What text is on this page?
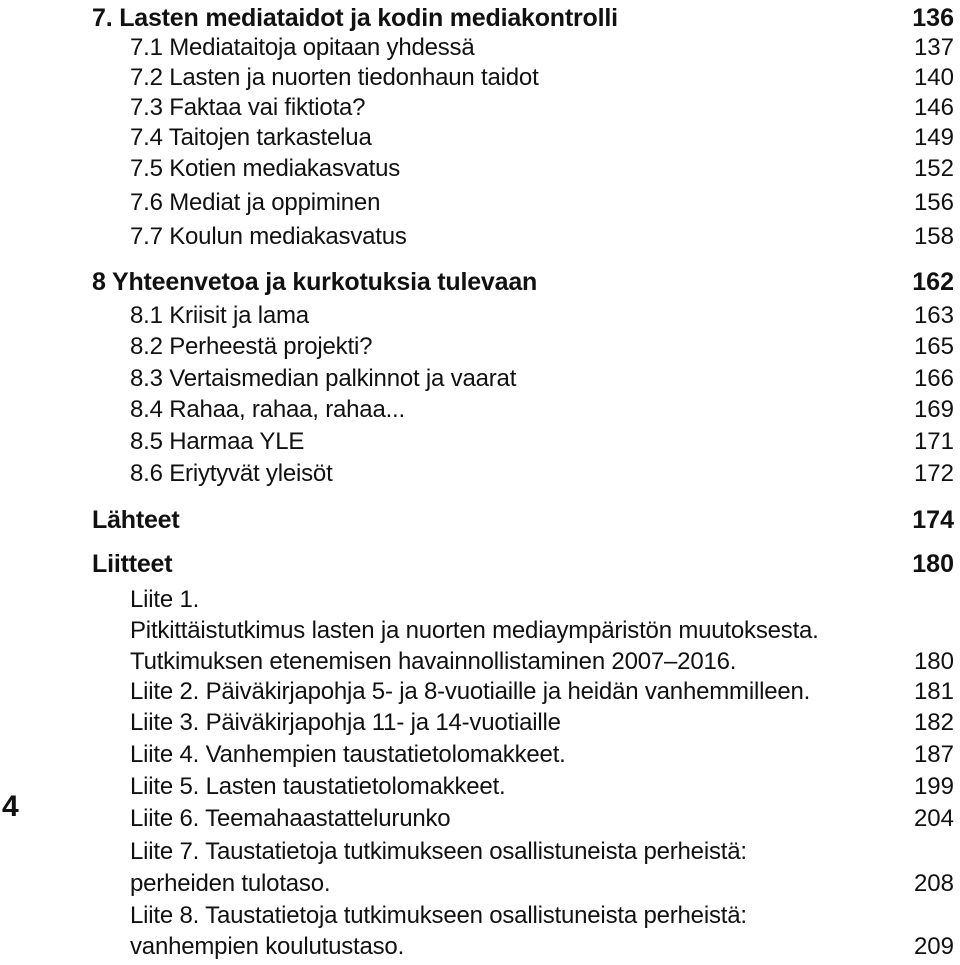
7. Lasten mediataidot ja kodin mediakontrolli	136
7.1 Mediataitoja opitaan yhdessä	137
7.2 Lasten ja nuorten tiedonhaun taidot	140
7.3 Faktaa vai fiktiota?	146
7.4 Taitojen tarkastelua	149
7.5 Kotien mediakasvatus	152
7.6 Mediat ja oppiminen	156
7.7 Koulun mediakasvatus	158
8 Yhteenvetoa ja kurkotuksia tulevaan	162
8.1 Kriisit ja lama	163
8.2 Perheestä projekti?	165
8.3 Vertaismedian palkinnot ja vaarat	166
8.4 Rahaa, rahaa, rahaa...	169
8.5 Harmaa YLE	171
8.6 Eriytyvät yleisöt	172
Lähteet	174
Liitteet	180
Liite 1.
Pitkittäistutkimus lasten ja nuorten mediaympäristön muutoksesta.
Tutkimuksen etenemisen havainnollistaminen 2007–2016.	180
Liite 2. Päiväkirjapohja 5- ja 8-vuotiaille ja heidän vanhemmilleen.	181
Liite 3. Päiväkirjapohja 11- ja 14-vuotiaille	182
Liite 4. Vanhempien taustatietolomakkeet.	187
Liite 5. Lasten taustatietolomakkeet.	199
Liite 6. Teemahaastattelurunko	204
Liite 7. Taustatietoja tutkimukseen osallistuneista perheistä:
perheiden tulotaso.	208
Liite 8. Taustatietoja tutkimukseen osallistuneista perheistä:
vanhempien koulutustaso.	209
4
